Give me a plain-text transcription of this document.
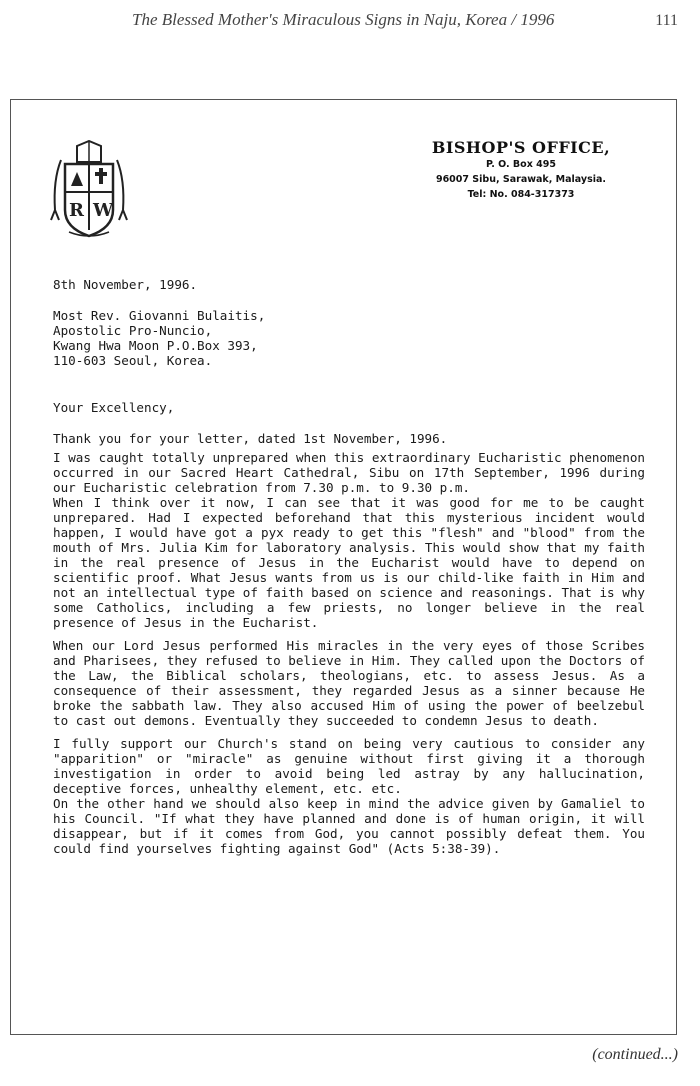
The Blessed Mother's Miraculous Signs in Naju, Korea / 1996	111
R W
BISHOP'S OFFICE,
P. O. Box 495
96007 Sibu, Sarawak, Malaysia.
Tel: No. 084-317373
8th November, 1996.
Most Rev. Giovanni Bulaitis,
Apostolic Pro-Nuncio,
Kwang Hwa Moon P.O.Box 393,
110-603 Seoul, Korea.
Your Excellency,
Thank you for your letter, dated 1st November, 1996.

I was caught totally unprepared when this extraordinary Eucharistic phenomenon occurred in our Sacred Heart Cathedral, Sibu on 17th September, 1996 during our Eucharistic celebration from 7.30 p.m. to 9.30 p.m.

When I think over it now, I can see that it was good for me to be caught unprepared. Had I expected beforehand that this mysterious incident would happen, I would have got a pyx ready to get this "flesh" and "blood" from the mouth of Mrs. Julia Kim for laboratory analysis. This would show that my faith in the real presence of Jesus in the Eucharist would have to depend on scientific proof. What Jesus wants from us is our child-like faith in Him and not an intellectual type of faith based on science and reasonings. That is why some Catholics, including a few priests, no longer believe in the real presence of Jesus in the Eucharist.

When our Lord Jesus performed His miracles in the very eyes of those Scribes and Pharisees, they refused to believe in Him. They called upon the Doctors of the Law, the Biblical scholars, theologians, etc. to assess Jesus. As a consequence of their assessment, they regarded Jesus as a sinner because He broke the sabbath law. They also accused Him of using the power of beelzebul to cast out demons. Eventually they succeeded to condemn Jesus to death.

I fully support our Church's stand on being very cautious to consider any "apparition" or "miracle" as genuine without first giving it a thorough investigation in order to avoid being led astray by any hallucination, deceptive forces, unhealthy element, etc. etc.

On the other hand we should also keep in mind the advice given by Gamaliel to his Council. "If what they have planned and done is of human origin, it will disappear, but if it comes from God, you cannot possibly defeat them. You could find yourselves fighting against God" (Acts 5:38-39).

(continued...)
